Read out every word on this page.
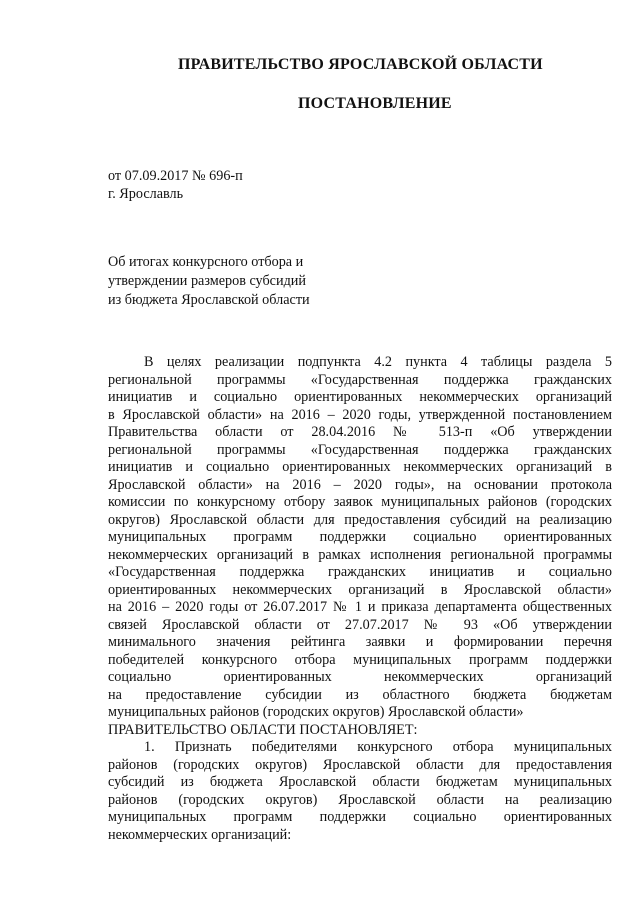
ПРАВИТЕЛЬСТВО ЯРОСЛАВСКОЙ ОБЛАСТИ
ПОСТАНОВЛЕНИЕ
от 07.09.2017 № 696-п
г. Ярославль
Об итогах конкурсного отбора и
утверждении размеров субсидий
из бюджета Ярославской области
В целях реализации подпункта 4.2 пункта 4 таблицы раздела 5
региональной программы «Государственная поддержка гражданских
инициатив и социально ориентированных некоммерческих организаций
в Ярославской области» на 2016 – 2020 годы, утвержденной постановлением
Правительства области от 28.04.2016 № 513-п «Об утверждении
региональной программы «Государственная поддержка гражданских
инициатив и социально ориентированных некоммерческих организаций в
Ярославской области» на 2016 – 2020 годы», на основании протокола
комиссии по конкурсному отбору заявок муниципальных районов (городских
округов) Ярославской области для предоставления субсидий на реализацию
муниципальных программ поддержки социально ориентированных
некоммерческих организаций в рамках исполнения региональной программы
«Государственная поддержка гражданских инициатив и социально
ориентированных некоммерческих организаций в Ярославской области»
на 2016 – 2020 годы от 26.07.2017 № 1 и приказа департамента общественных
связей Ярославской области от 27.07.2017 № 93 «Об утверждении
минимального значения рейтинга заявки и формировании перечня
победителей конкурсного отбора муниципальных программ поддержки
социально ориентированных некоммерческих организаций
на предоставление субсидии из областного бюджета бюджетам
муниципальных районов (городских округов) Ярославской области»
ПРАВИТЕЛЬСТВО ОБЛАСТИ ПОСТАНОВЛЯЕТ:
1. Признать победителями конкурсного отбора муниципальных
районов (городских округов) Ярославской области для предоставления
субсидий из бюджета Ярославской области бюджетам муниципальных
районов (городских округов) Ярославской области на реализацию
муниципальных программ поддержки социально ориентированных
некоммерческих организаций:
